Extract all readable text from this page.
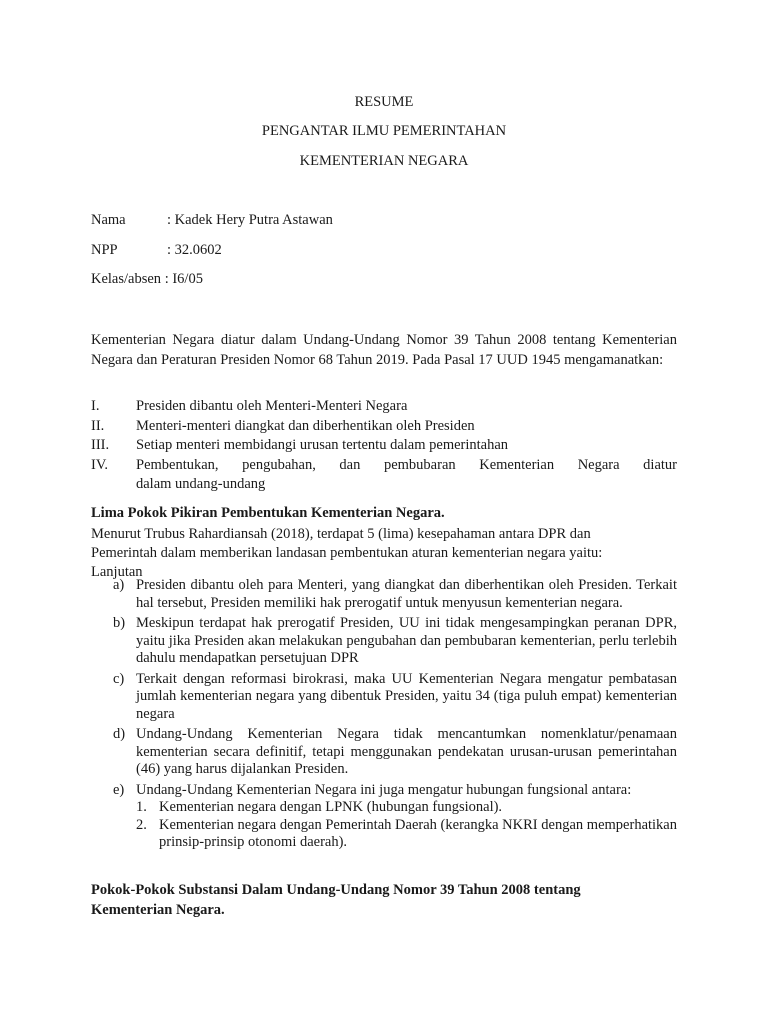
RESUME
PENGANTAR ILMU PEMERINTAHAN
KEMENTERIAN NEGARA
Nama	: Kadek Hery Putra Astawan
NPP	: 32.0602
Kelas/absen : I6/05
Kementerian Negara diatur dalam Undang-Undang Nomor 39 Tahun 2008 tentang Kementerian Negara dan Peraturan Presiden Nomor 68 Tahun 2019. Pada Pasal 17 UUD 1945 mengamanatkan:
I.	Presiden dibantu oleh Menteri-Menteri Negara
II.	Menteri-menteri diangkat dan diberhentikan oleh Presiden
III. Setiap menteri membidangi urusan tertentu dalam pemerintahan
IV.	Pembentukan, pengubahan, dan pembubaran Kementerian Negara diatur
dalam undang-undang
Lima Pokok Pikiran Pembentukan Kementerian Negara.
Menurut Trubus Rahardiansah (2018), terdapat 5 (lima) kesepahaman antara DPR dan
Pemerintah dalam memberikan landasan pembentukan aturan kementerian negara yaitu:
Lanjutan
a) Presiden dibantu oleh para Menteri, yang diangkat dan diberhentikan oleh Presiden. Terkait hal tersebut, Presiden memiliki hak prerogatif untuk menyusun kementerian negara.
b) Meskipun terdapat hak prerogatif Presiden, UU ini tidak mengesampingkan peranan DPR, yaitu jika Presiden akan melakukan pengubahan dan pembubaran kementerian, perlu terlebih dahulu mendapatkan persetujuan DPR
c) Terkait dengan reformasi birokrasi, maka UU Kementerian Negara mengatur pembatasan jumlah kementerian negara yang dibentuk Presiden, yaitu 34 (tiga puluh empat) kementerian negara
d) Undang-Undang Kementerian Negara tidak mencantumkan nomenklatur/penamaan kementerian secara definitif, tetapi menggunakan pendekatan urusan-urusan pemerintahan (46) yang harus dijalankan Presiden.
e) Undang-Undang Kementerian Negara ini juga mengatur hubungan fungsional antara:
1. Kementerian negara dengan LPNK (hubungan fungsional).
2. Kementerian negara dengan Pemerintah Daerah (kerangka NKRI dengan memperhatikan prinsip-prinsip otonomi daerah).
Pokok-Pokok Substansi Dalam Undang-Undang Nomor 39 Tahun 2008 tentang Kementerian Negara.
